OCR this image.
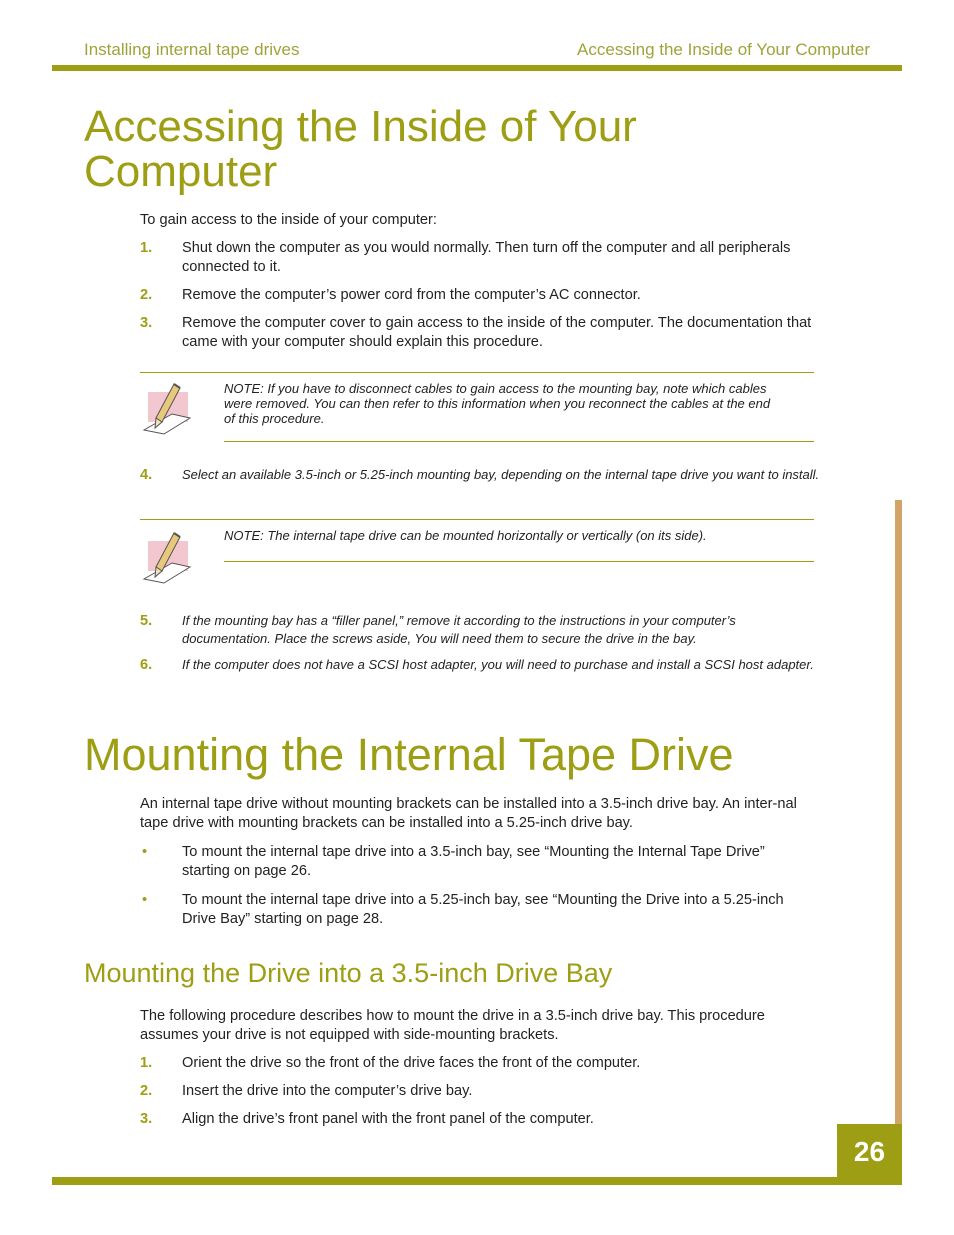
Installing internal tape drives	Accessing the Inside of Your Computer
Accessing the Inside of Your Computer
To gain access to the inside of your computer:
1.	Shut down the computer as you would normally. Then turn off the computer and all peripherals connected to it.
2.	Remove the computer’s power cord from the computer’s AC connector.
3.	Remove the computer cover to gain access to the inside of the computer. The documentation that came with your computer should explain this procedure.
NOTE: If you have to disconnect cables to gain access to the mounting bay, note which cables were removed. You can then refer to this information when you reconnect the cables at the end of this procedure.
4.	Select an available 3.5-inch or 5.25-inch mounting bay, depending on the internal tape drive you want to install.
NOTE: The internal tape drive can be mounted horizontally or vertically (on its side).
5.	If the mounting bay has a “filler panel,” remove it according to the instructions in your computer’s documentation. Place the screws aside, You will need them to secure the drive in the bay.
6.	If the computer does not have a SCSI host adapter, you will need to purchase and install a SCSI host adapter.
Mounting the Internal Tape Drive
An internal tape drive without mounting brackets can be installed into a 3.5-inch drive bay. An inter-nal tape drive with mounting brackets can be installed into a 5.25-inch drive bay.
• To mount the internal tape drive into a 3.5-inch bay, see “Mounting the Internal Tape Drive” starting on page 26.
• To mount the internal tape drive into a 5.25-inch bay, see “Mounting the Drive into a 5.25-inch Drive Bay” starting on page 28.
Mounting the Drive into a 3.5-inch Drive Bay
The following procedure describes how to mount the drive in a 3.5-inch drive bay. This procedure assumes your drive is not equipped with side-mounting brackets.
1.	Orient the drive so the front of the drive faces the front of the computer.
2.	Insert the drive into the computer’s drive bay.
3.	Align the drive’s front panel with the front panel of the computer.
26
